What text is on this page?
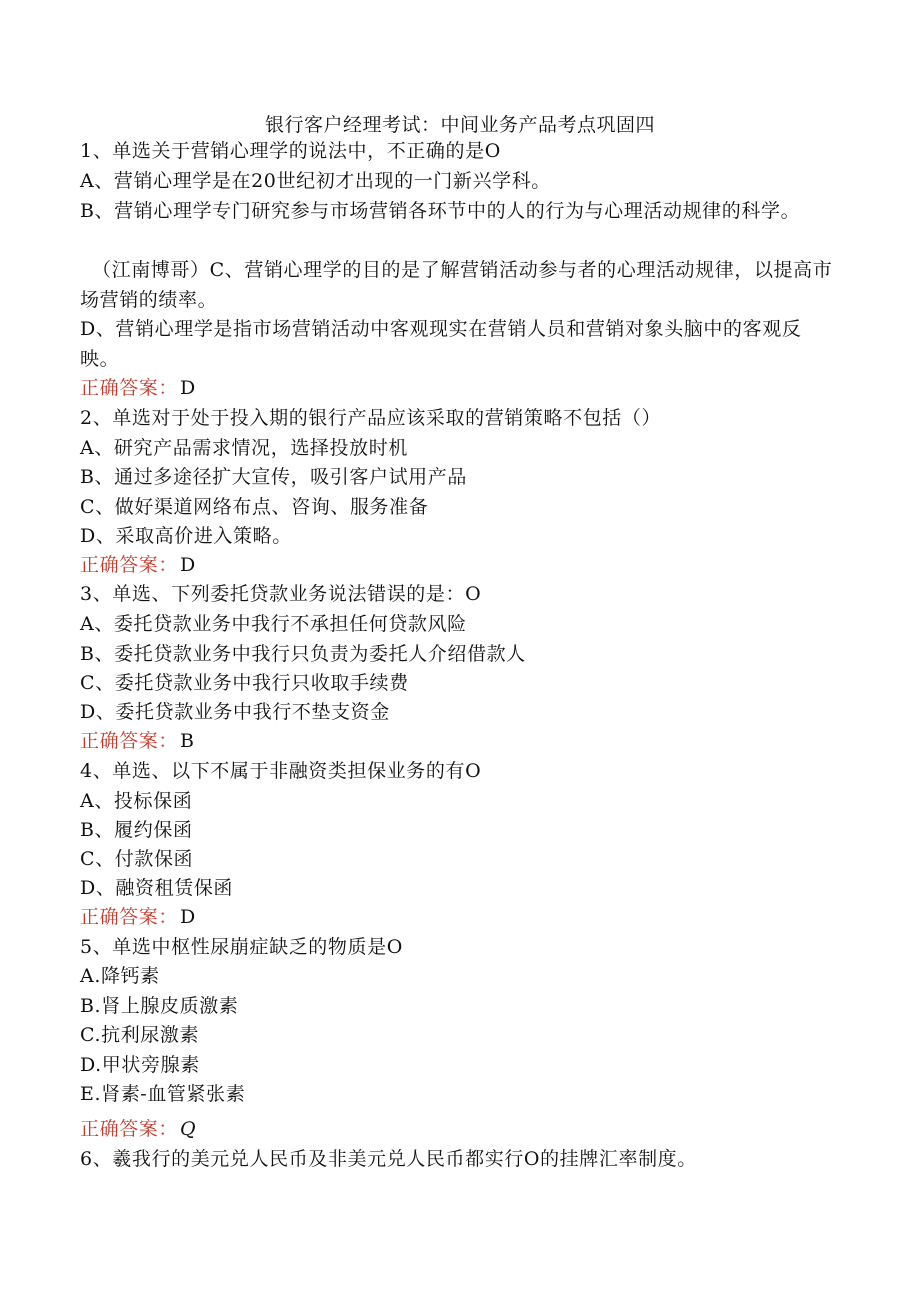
银行客户经理考试：中间业务产品考点巩固四
1、单选关于营销心理学的说法中，不正确的是O
A、营销心理学是在20世纪初才出现的一门新兴学科。
B、营销心理学专门研究参与市场营销各环节中的人的行为与心理活动规律的科学。
（江南博哥）C、营销心理学的目的是了解营销活动参与者的心理活动规律，以提高市场营销的绩率。
D、营销心理学是指市场营销活动中客观现实在营销人员和营销对象头脑中的客观反映。
正确答案： D
2、单选对于处于投入期的银行产品应该采取的营销策略不包括（）
A、研究产品需求情况，选择投放时机
B、通过多途径扩大宣传，吸引客户试用产品
C、做好渠道网络布点、咨询、服务准备
D、采取高价进入策略。
正确答案： D
3、单选、下列委托贷款业务说法错误的是：O
A、委托贷款业务中我行不承担任何贷款风险
B、委托贷款业务中我行只负责为委托人介绍借款人
C、委托贷款业务中我行只收取手续费
D、委托贷款业务中我行不垫支资金
正确答案： B
4、单选、以下不属于非融资类担保业务的有O
A、投标保函
B、履约保函
C、付款保函
D、融资租赁保函
正确答案： D
5、单选中枢性尿崩症缺乏的物质是O
A.降钙素
B.肾上腺皮质激素
C.抗利尿激素
D.甲状旁腺素
E.肾素-血管紧张素
正确答案： Q
6、羲我行的美元兑人民币及非美元兑人民币都实行O的挂牌汇率制度。
